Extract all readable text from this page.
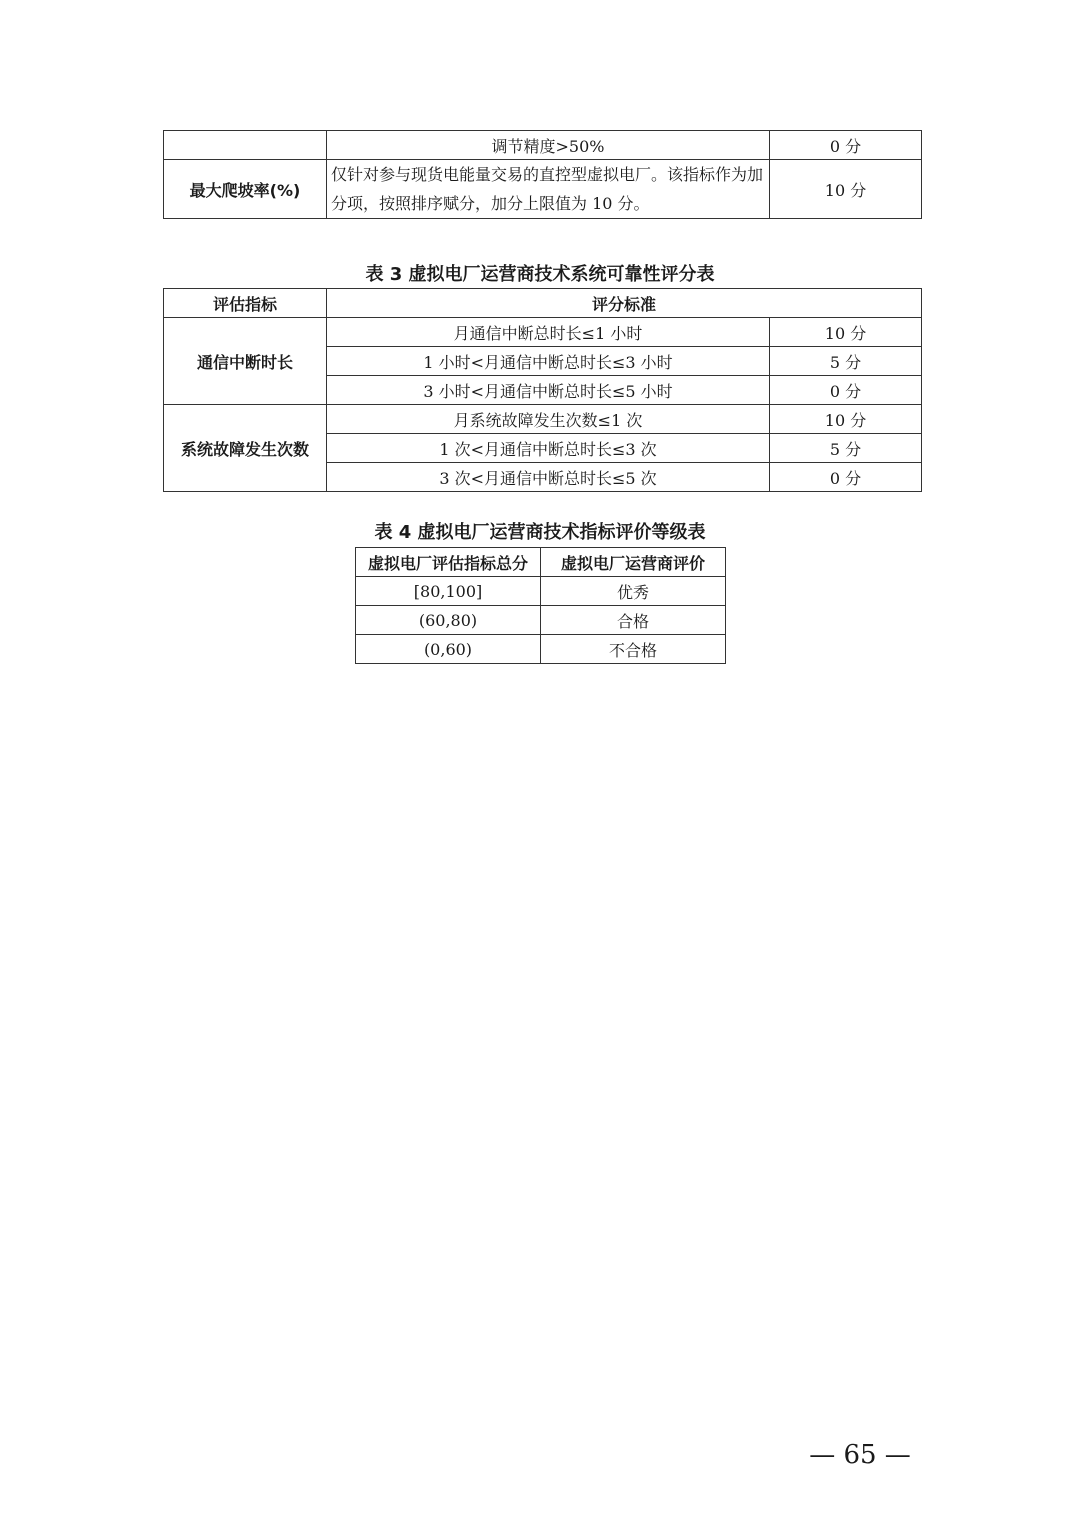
	调节精度>50%	0 分
最大爬坡率(%)	仅针对参与现货电能量交易的直控型虚拟电厂。该指标作为加分项，按照排序赋分，加分上限值为 10 分。	10 分
表 3 虚拟电厂运营商技术系统可靠性评分表
评估指标	评分标准	
通信中断时长	月通信中断总时长≤1 小时	10 分
	1 小时<月通信中断总时长≤3 小时	5 分
	3 小时<月通信中断总时长≤5 小时	0 分
系统故障发生次数	月系统故障发生次数≤1 次	10 分
	1 次<月通信中断总时长≤3 次	5 分
	3 次<月通信中断总时长≤5 次	0 分
表 4 虚拟电厂运营商技术指标评价等级表
虚拟电厂评估指标总分	虚拟电厂运营商评价
[80,100]	优秀
(60,80)	合格
(0,60)	不合格
— 65 —
